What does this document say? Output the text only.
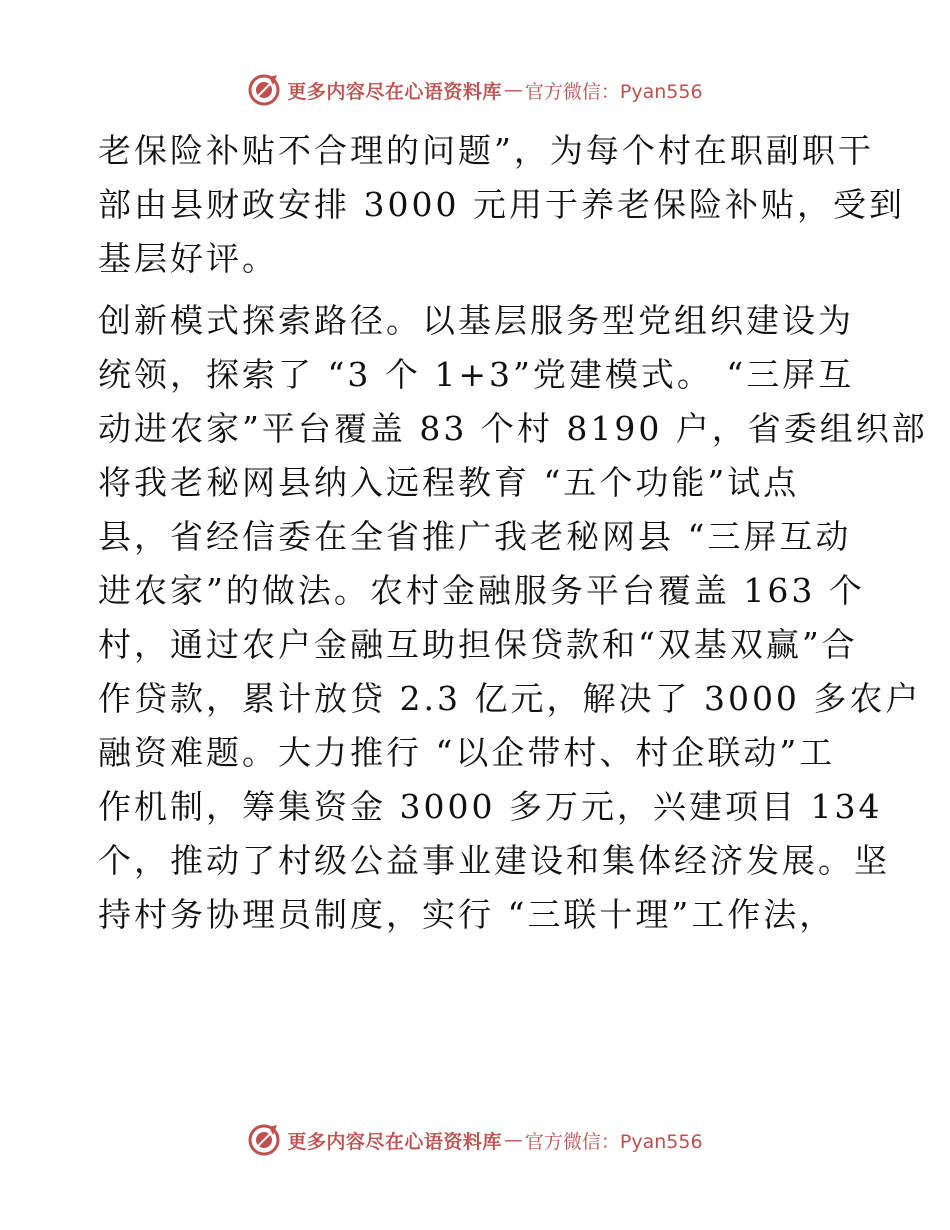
更多内容尽在心语资料库 — 官方微信：Pyan556
老保险补贴不合理的问题”，为每个村在职副职干
部由县财政安排 3000 元用于养老保险补贴，受到
基层好评。
创新模式探索路径。以基层服务型党组织建设为
统领，探索了 “3 个 1+3”党建模式。 “三屏互
动进农家”平台覆盖 83 个村 8190 户，省委组织部
将我老秘网县纳入远程教育 “五个功能”试点
县，省经信委在全省推广我老秘网县 “三屏互动
进农家”的做法。农村金融服务平台覆盖 163 个
村，通过农户金融互助担保贷款和“双基双赢”合
作贷款，累计放贷 2.3 亿元，解决了 3000 多农户
融资难题。大力推行 “以企带村、村企联动”工
作机制，筹集资金 3000 多万元，兴建项目 134
个，推动了村级公益事业建设和集体经济发展。坚
持村务协理员制度，实行 “三联十理”工作法，
更多内容尽在心语资料库 — 官方微信：Pyan556
